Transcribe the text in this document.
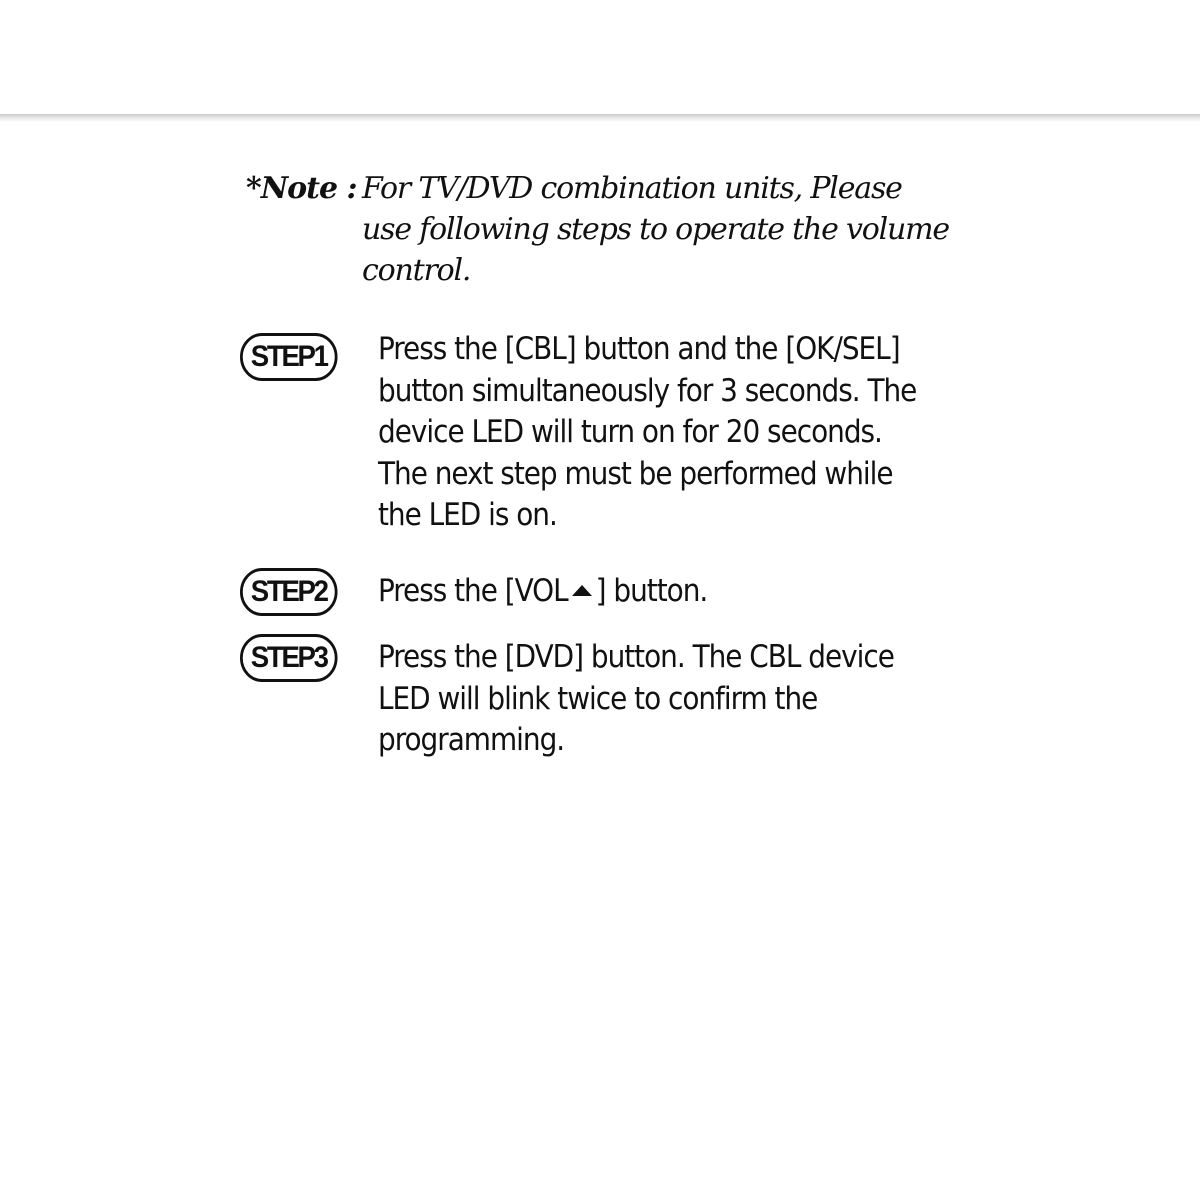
*Note : For TV/DVD combination units, Please
use following steps to operate the volume
control.
STEP1	Press the [CBL] button and the [OK/SEL]
button simultaneously for 3 seconds. The
device LED will turn on for 20 seconds.
The next step must be performed while
the LED is on.
STEP2	Press the [VOL ] button.
STEP3	Press the [DVD] button. The CBL device
LED will blink twice to confirm the
programming.
